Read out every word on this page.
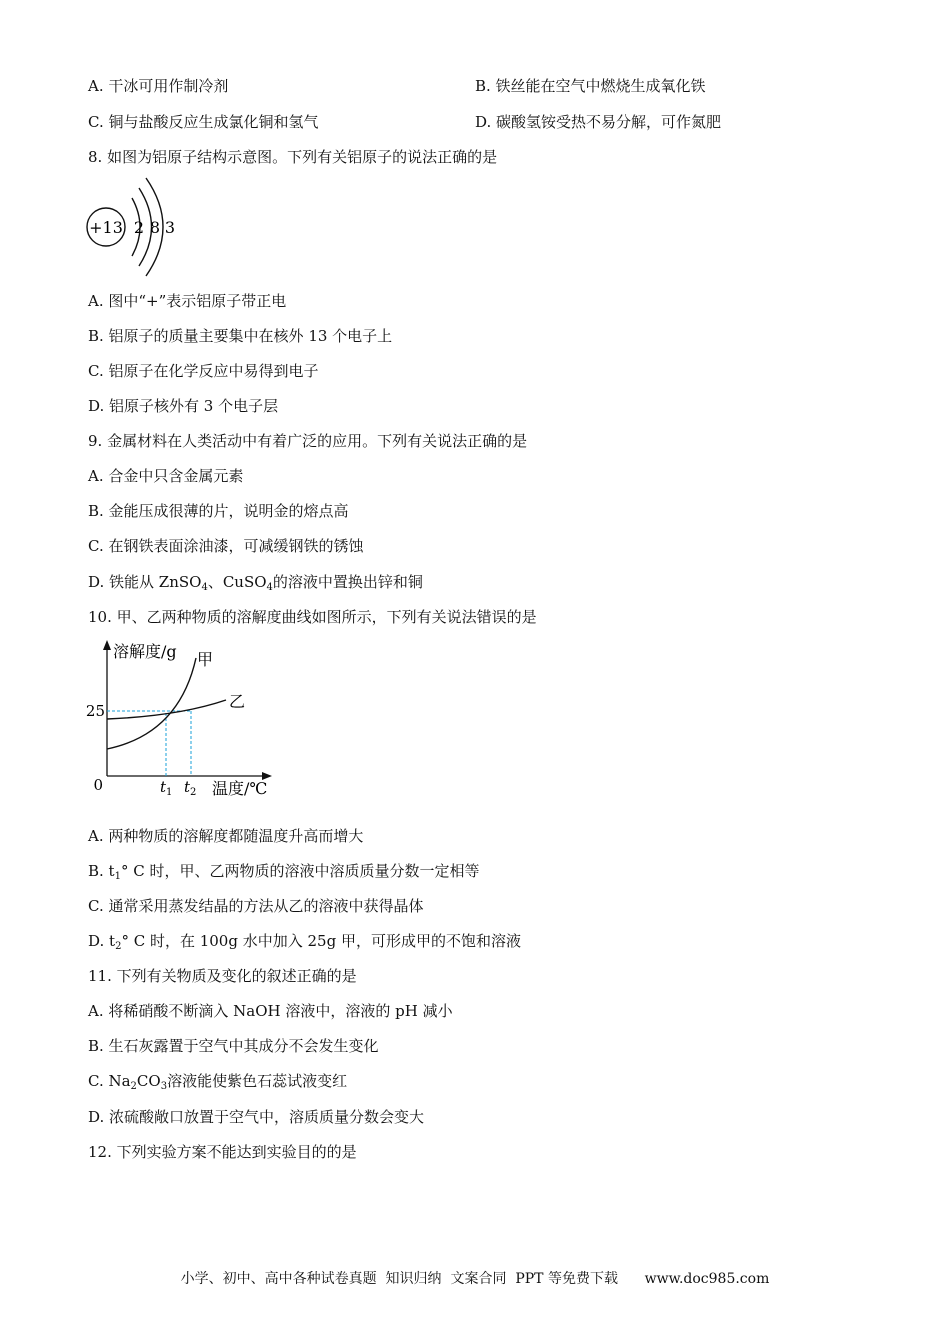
A. 干冰可用作制冷剂	B. 铁丝能在空气中燃烧生成氧化铁
C. 铜与盐酸反应生成氯化铜和氢气	D. 碳酸氢铵受热不易分解，可作氮肥
8. 如图为铝原子结构示意图。下列有关铝原子的说法正确的是
+13 2 8 3
A. 图中“+”表示铝原子带正电
B. 铝原子的质量主要集中在核外 13 个电子上
C. 铝原子在化学反应中易得到电子
D. 铝原子核外有 3 个电子层
9. 金属材料在人类活动中有着广泛的应用。下列有关说法正确的是
A. 合金中只含金属元素
B. 金能压成很薄的片，说明金的熔点高
C. 在钢铁表面涂油漆，可减缓钢铁的锈蚀
D. 铁能从 ZnSO$_4$、CuSO$_4$的溶液中置换出锌和铜
10. 甲、乙两种物质的溶解度曲线如图所示，下列有关说法错误的是
溶解度/g
0
25
甲
乙
$t_1$ $t_2$ 温度/℃
A. 两种物质的溶解度都随温度升高而增大
B. $t_1^\circ$ C 时，甲、乙两物质的溶液中溶质质量分数一定相等
C. 通常采用蒸发结晶的方法从乙的溶液中获得晶体
D. $t_2^\circ$ C 时，在 100g 水中加入 25g 甲，可形成甲的不饱和溶液
11. 下列有关物质及变化的叙述正确的是
A. 将稀硝酸不断滴入 NaOH 溶液中，溶液的 pH 减小
B. 生石灰露置于空气中其成分不会发生变化
C. $Na_2CO_3$溶液能使紫色石蕊试液变红
D. 浓硫酸敞口放置于空气中，溶质质量分数会变大
12. 下列实验方案不能达到实验目的的是
小学、初中、高中各种试卷真题  知识归纳  文案合同  PPT 等免费下载      www.doc985.com
